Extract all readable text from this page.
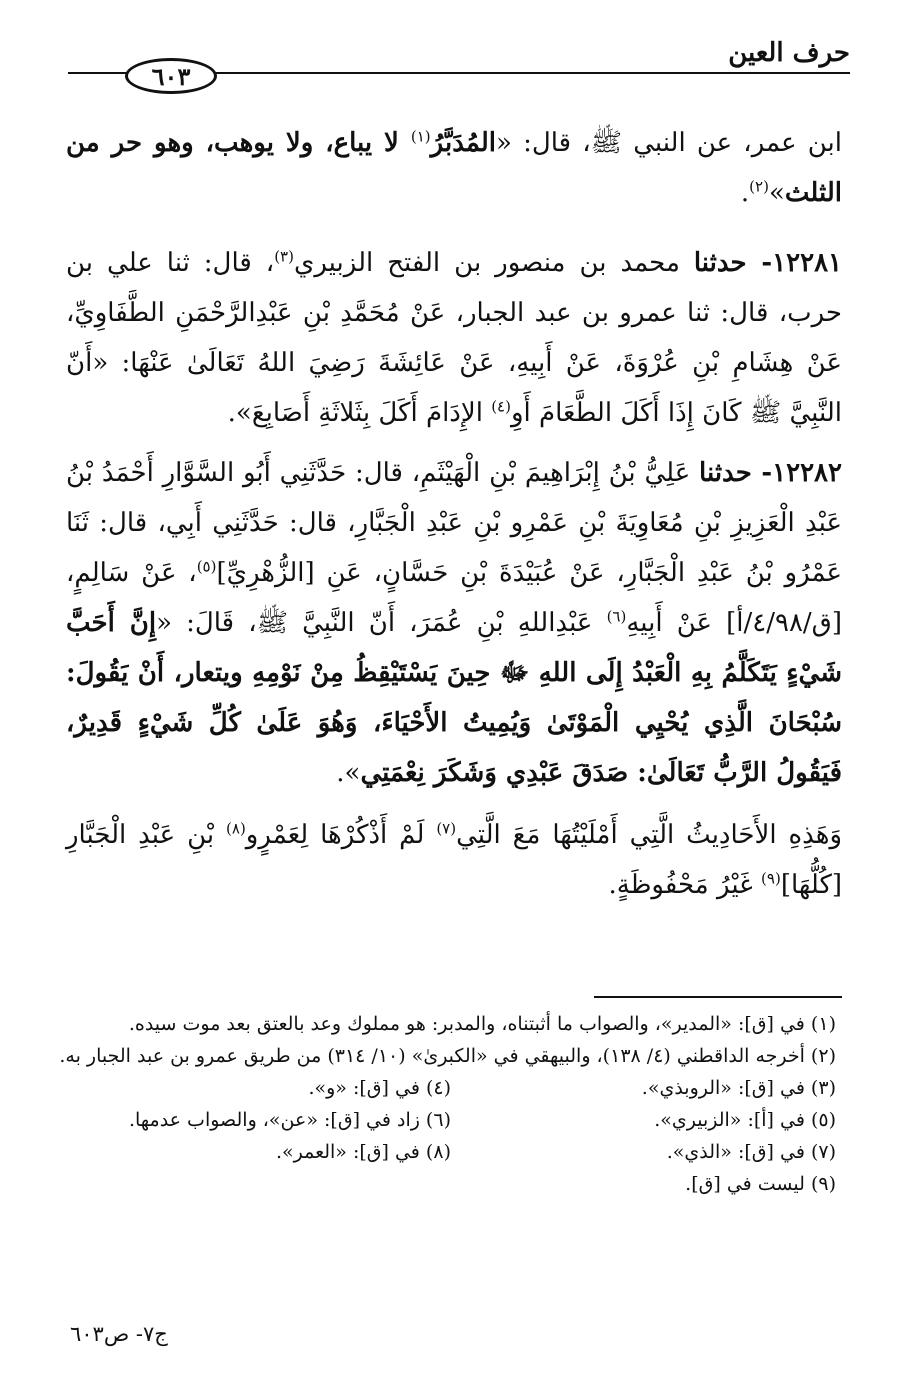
حرف العين
٦٠٣

ابن عمر، عن النبي ﷺ، قال: «المُدَبَّرُ$^{(١)}$ لا يباع، ولا يوهب، وهو حر من الثلث»$^{(٢)}$.

١٢٢٨١- حدثنا محمد بن منصور بن الفتح الزبيري$^{(٣)}$، قال: ثنا علي بن حرب، قال: ثنا عمرو بن عبد الجبار، عَنْ مُحَمَّدِ بْنِ عَبْدِالرَّحْمَنِ الطَّفَاوِيِّ، عَنْ هِشَامِ بْنِ عُرْوَةَ، عَنْ أَبِيهِ، عَنْ عَائِشَةَ رَضِيَ اللهُ تَعَالَىٰ عَنْهَا: «أَنّ النَّبِيَّ ﷺ كَانَ إِذَا أَكَلَ الطَّعَامَ أَوِ$^{(٤)}$ الإِدَامَ أَكَلَ بِثَلاثَةِ أَصَابِعَ».

١٢٢٨٢- حدثنا عَلِيُّ بْنُ إِبْرَاهِيمَ بْنِ الْهَيْثَمِ، قال: حَدَّثَنِي أَبُو السَّوَّارِ أَحْمَدُ بْنُ عَبْدِ الْعَزِيزِ بْنِ مُعَاوِيَةَ بْنِ عَمْرِو بْنِ عَبْدِ الْجَبَّارِ، قال: حَدَّثَنِي أَبِي، قال: ثَنَا عَمْرُو بْنُ عَبْدِ الْجَبَّارِ، عَنْ عُبَيْدَةَ بْنِ حَسَّانٍ، عَنِ [الزُّهْرِيِّ]$^{(٥)}$، عَنْ سَالِمٍ، [ق/٤/٩٨/أ] عَنْ أَبِيهِ$^{(٦)}$ عَبْدِاللهِ بْنِ عُمَرَ، أَنّ النَّبِيَّ ﷺ، قَالَ: «إِنَّ أَحَبَّ شَيْءٍ يَتَكَلَّمُ بِهِ الْعَبْدُ إِلَى اللهِ ﷻ حِينَ يَسْتَيْقِظُ مِنْ نَوْمِهِ ويتعار، أَنْ يَقُولَ: سُبْحَانَ الَّذِي يُحْيِي الْمَوْتَىٰ وَيُمِيتُ الأَحْيَاءَ، وَهُوَ عَلَىٰ كُلِّ شَيْءٍ قَدِيرٌ، فَيَقُولُ الرَّبُّ تَعَالَىٰ: صَدَقَ عَبْدِي وَشَكَرَ نِعْمَتِي».

وَهَذِهِ الأَحَادِيثُ الَّتِي أَمْلَيْتُهَا مَعَ الَّتِي$^{(٧)}$ لَمْ أَذْكُرْهَا لِعَمْرٍو$^{(٨)}$ بْنِ عَبْدِ الْجَبَّارِ [كُلُّهَا]$^{(٩)}$ غَيْرُ مَحْفُوظَةٍ.

(١) في [ق]: «المدير»، والصواب ما أثبتناه، والمدبر: هو مملوك وعد بالعتق بعد موت سيده.
(٢) أخرجه الداقطني (٤/ ١٣٨)، والبيهقي في «الكبرىٰ» (١٠/ ٣١٤) من طريق عمرو بن عبد الجبار به.
(٣) في [ق]: «الروبذي».
(٤) في [ق]: «و».
(٥) في [أ]: «الزبيري».
(٦) زاد في [ق]: «عن»، والصواب عدمها.
(٧) في [ق]: «الذي».
(٨) في [ق]: «العمر».
(٩) ليست في [ق].
ج٧- ص٦٠٣
